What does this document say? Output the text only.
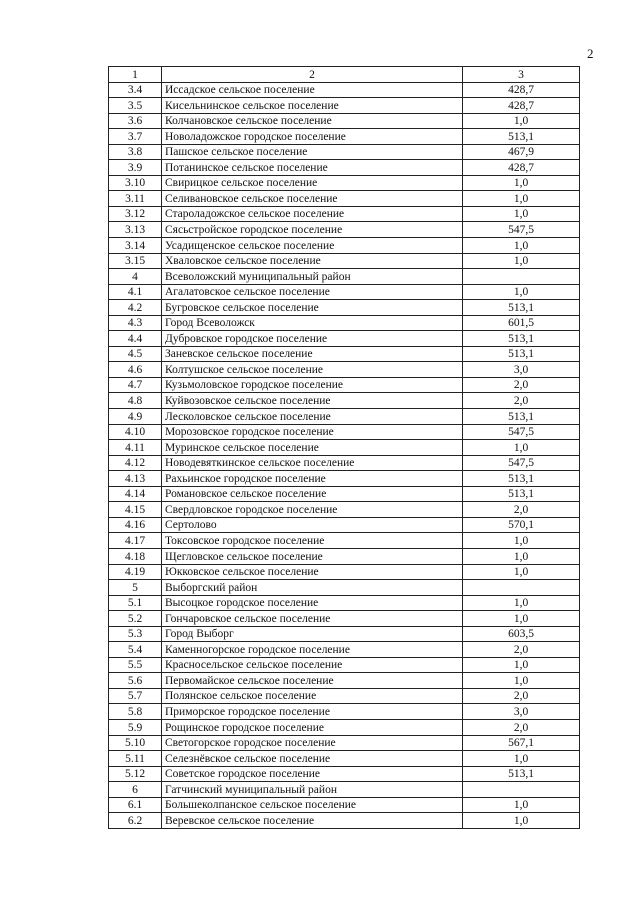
2
1	2	3
3.4	Иссадское сельское поселение	428,7
3.5	Кисельнинское сельское поселение	428,7
3.6	Колчановское сельское поселение	1,0
3.7	Новоладожское городское поселение	513,1
3.8	Пашское сельское поселение	467,9
3.9	Потанинское сельское поселение	428,7
3.10	Свирицкое сельское поселение	1,0
3.11	Селивановское сельское поселение	1,0
3.12	Староладожское сельское поселение	1,0
3.13	Сясьстройское городское поселение	547,5
3.14	Усадищенское сельское поселение	1,0
3.15	Хваловское сельское поселение	1,0
4	Всеволожский муниципальный район	
4.1	Агалатовское сельское поселение	1,0
4.2	Бугровское сельское поселение	513,1
4.3	Город Всеволожск	601,5
4.4	Дубровское городское поселение	513,1
4.5	Заневское сельское поселение	513,1
4.6	Колтушское сельское поселение	3,0
4.7	Кузьмоловское городское поселение	2,0
4.8	Куйвозовское сельское поселение	2,0
4.9	Лесколовское сельское поселение	513,1
4.10	Морозовское городское поселение	547,5
4.11	Муринское сельское поселение	1,0
4.12	Новодевяткинское сельское поселение	547,5
4.13	Рахьинское городское поселение	513,1
4.14	Романовское сельское поселение	513,1
4.15	Свердловское городское поселение	2,0
4.16	Сертолово	570,1
4.17	Токсовское городское поселение	1,0
4.18	Щегловское сельское поселение	1,0
4.19	Юкковское сельское поселение	1,0
5	Выборгский район	
5.1	Высоцкое городское поселение	1,0
5.2	Гончаровское сельское поселение	1,0
5.3	Город Выборг	603,5
5.4	Каменногорское городское поселение	2,0
5.5	Красносельское сельское поселение	1,0
5.6	Первомайское сельское поселение	1,0
5.7	Полянское сельское поселение	2,0
5.8	Приморское городское поселение	3,0
5.9	Рощинское городское поселение	2,0
5.10	Светогорское городское поселение	567,1
5.11	Селезнёвское сельское поселение	1,0
5.12	Советское городское поселение	513,1
6	Гатчинский муниципальный район	
6.1	Большеколпанское сельское поселение	1,0
6.2	Веревское сельское поселение	1,0
